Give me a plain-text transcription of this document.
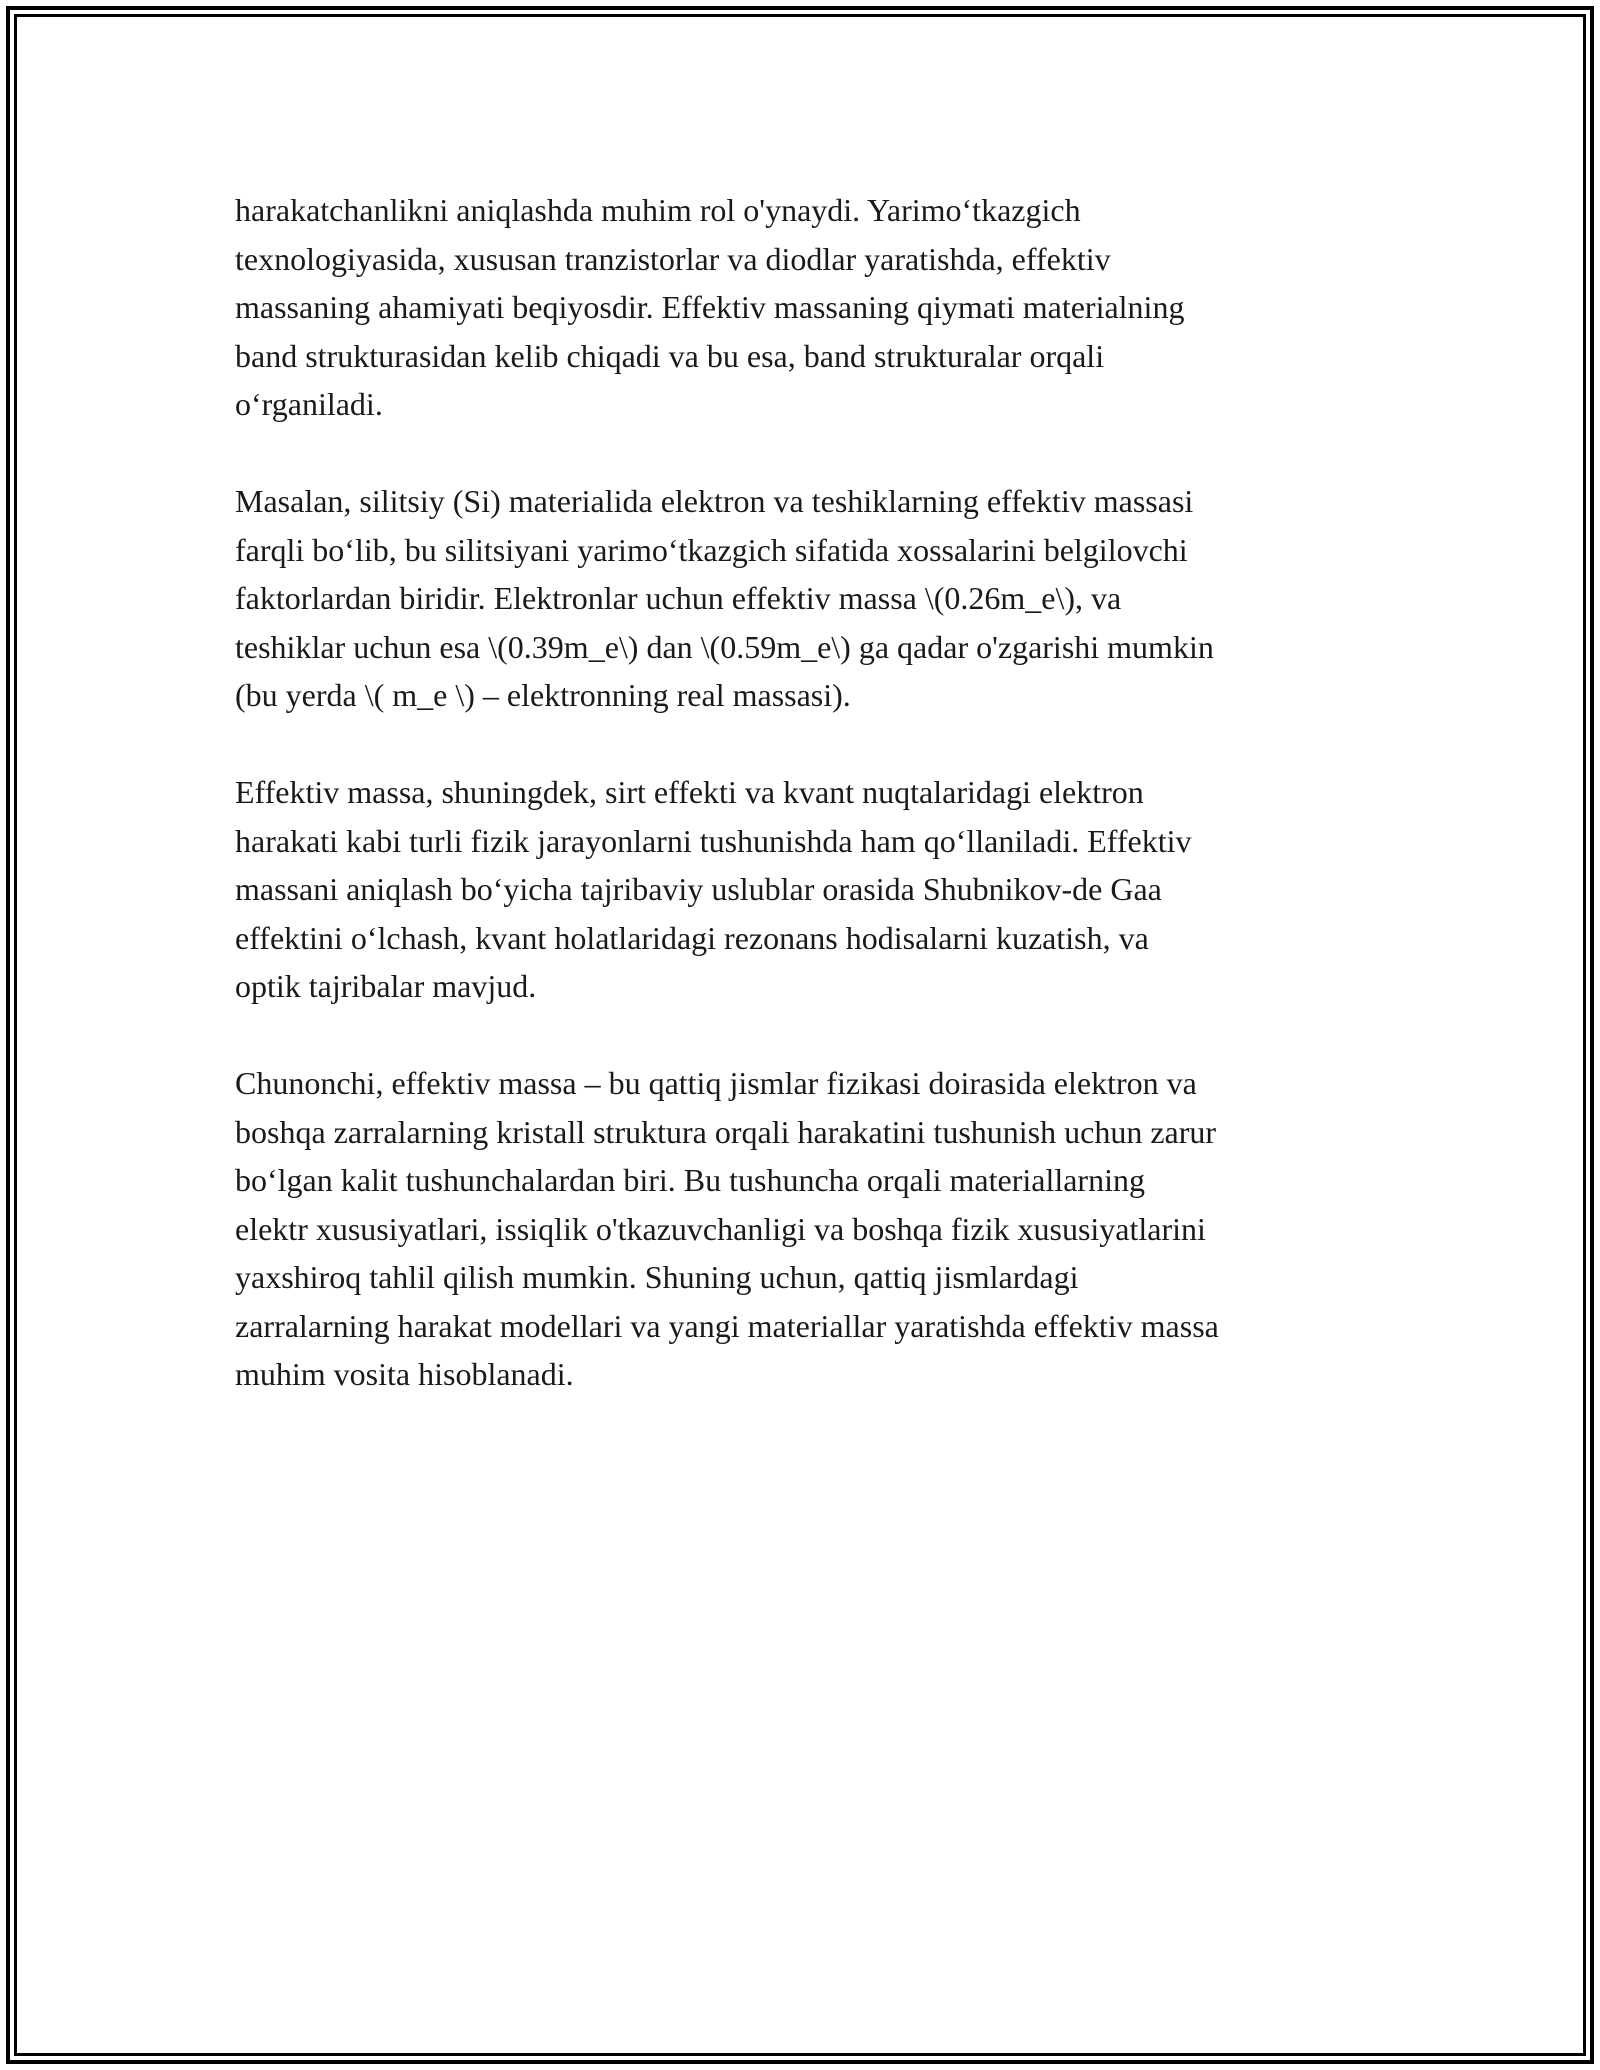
harakatchanlikni aniqlashda muhim rol o'ynaydi. Yarimoʻtkazgich
texnologiyasida, xususan tranzistorlar va diodlar yaratishda, effektiv
massaning ahamiyati beqiyosdir. Effektiv massaning qiymati materialning
band strukturasidan kelib chiqadi va bu esa, band strukturalar orqali
oʻrganiladi.

Masalan, silitsiy (Si) materialida elektron va teshiklarning effektiv massasi
farqli boʻlib, bu silitsiyani yarimoʻtkazgich sifatida xossalarini belgilovchi
faktorlardan biridir. Elektronlar uchun effektiv massa \(0.26m_e\), va
teshiklar uchun esa \(0.39m_e\) dan \(0.59m_e\) ga qadar o'zgarishi mumkin
(bu yerda \( m_e \) – elektronning real massasi).

Effektiv massa, shuningdek, sirt effekti va kvant nuqtalaridagi elektron
harakati kabi turli fizik jarayonlarni tushunishda ham qoʻllaniladi. Effektiv
massani aniqlash boʻyicha tajribaviy uslublar orasida Shubnikov-de Gaa
effektini oʻlchash, kvant holatlaridagi rezonans hodisalarni kuzatish, va
optik tajribalar mavjud.

Chunonchi, effektiv massa – bu qattiq jismlar fizikasi doirasida elektron va
boshqa zarralarning kristall struktura orqali harakatini tushunish uchun zarur
boʻlgan kalit tushunchalardan biri. Bu tushuncha orqali materiallarning
elektr xususiyatlari, issiqlik o'tkazuvchanligi va boshqa fizik xususiyatlarini
yaxshiroq tahlil qilish mumkin. Shuning uchun, qattiq jismlardagi
zarralarning harakat modellari va yangi materiallar yaratishda effektiv massa
muhim vosita hisoblanadi.
